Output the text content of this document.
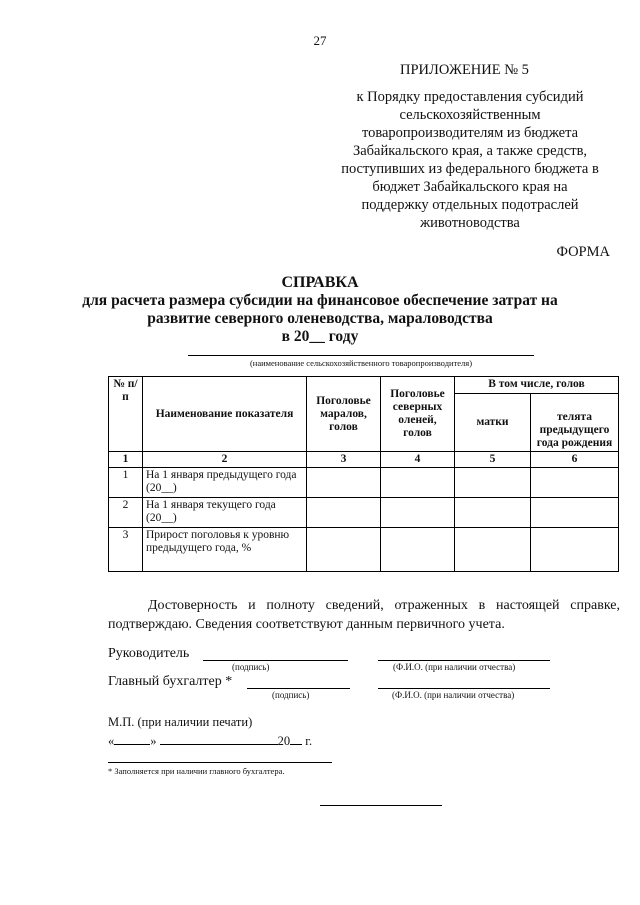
27
ПРИЛОЖЕНИЕ № 5
к Порядку предоставления субсидий
сельскохозяйственным
товаропроизводителям из бюджета
Забайкальского края, а также средств,
поступивших из федерального бюджета в
бюджет Забайкальского края на
поддержку отдельных подотраслей
животноводства
ФОРМА
СПРАВКА
для расчета размера субсидии на финансовое обеспечение затрат на
развитие северного оленеводства, мараловодства
в 20__ году
(наименование сельскохозяйственного товаропроизводителя)
№ п/п	Наименование показателя	Поголовье маралов, голов	Поголовье северных оленей, голов	В том числе, голов	
				матки	телята предыдущего года рождения
1	2	3	4	5	6
1	На 1 января предыдущего года (20__)				
2	На 1 января текущего года (20__)				
3	Прирост поголовья к уровню предыдущего года, %				
Достоверность и полноту сведений, отраженных в настоящей справке, подтверждаю. Сведения соответствуют данным первичного учета.
Руководитель
(подпись)	(Ф.И.О. (при наличии отчества)
Главный бухгалтер *
(подпись)	(Ф.И.О. (при наличии отчества)
М.П. (при наличии печати)
«	»	20 г.
* Заполняется при наличии главного бухгалтера.
